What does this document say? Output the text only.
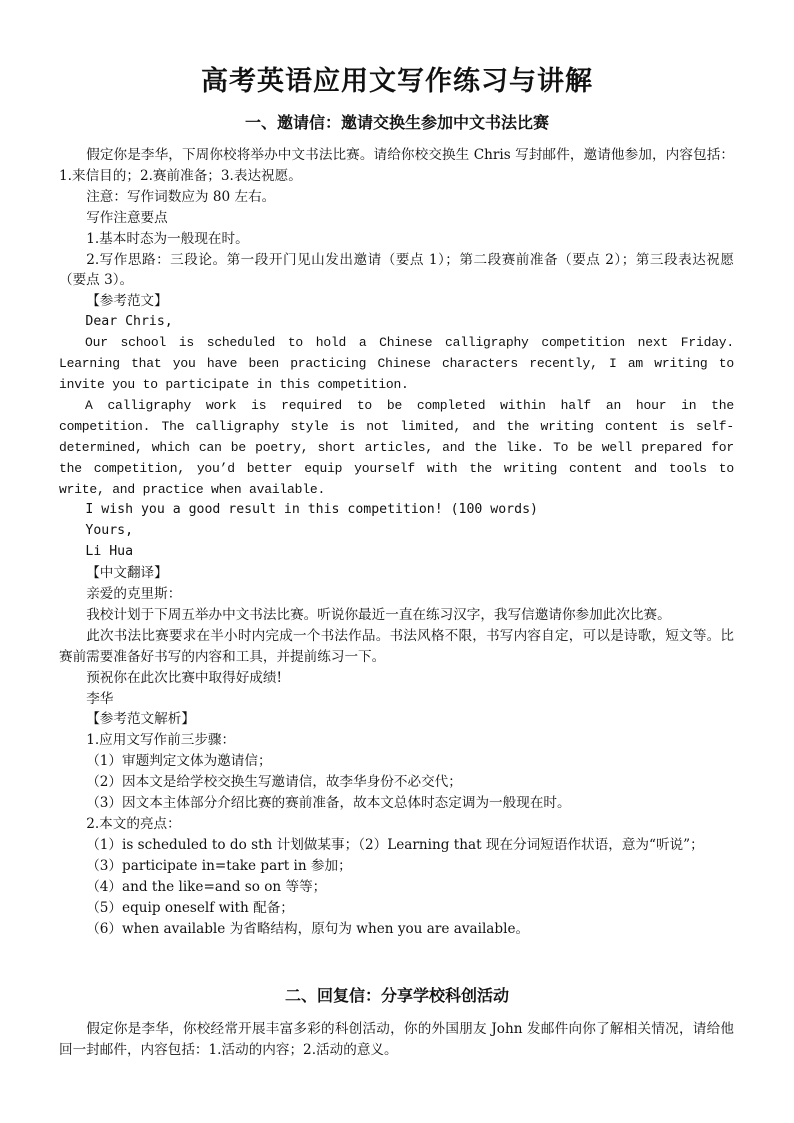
高考英语应用文写作练习与讲解
一、邀请信：邀请交换生参加中文书法比赛

假定你是李华，下周你校将举办中文书法比赛。请给你校交换生 Chris 写封邮件，邀请他参加，内容包括：1.来信目的；2.赛前准备；3.表达祝愿。

注意：写作词数应为 80 左右。

写作注意要点

1.基本时态为一般现在时。

2.写作思路：三段论。第一段开门见山发出邀请（要点 1）；第二段赛前准备（要点 2）；第三段表达祝愿（要点 3）。

【参考范文】

Dear Chris,

Our school is scheduled to hold a Chinese calligraphy competition next Friday. Learning that you have been practicing Chinese characters recently, I am writing to invite you to participate in this competition.

A calligraphy work is required to be completed within half an hour in the competition. The calligraphy style is not limited, and the writing content is self-determined, which can be poetry, short articles, and the like. To be well prepared for the competition, you’d better equip yourself with the writing content and tools to write, and practice when available.

I wish you a good result in this competition! (100 words)

Yours,

Li Hua

【中文翻译】

亲爱的克里斯：

我校计划于下周五举办中文书法比赛。听说你最近一直在练习汉字，我写信邀请你参加此次比赛。

此次书法比赛要求在半小时内完成一个书法作品。书法风格不限，书写内容自定，可以是诗歌，短文等。比赛前需要准备好书写的内容和工具，并提前练习一下。

预祝你在此次比赛中取得好成绩!

李华

【参考范文解析】

1.应用文写作前三步骤：

（1）审题判定文体为邀请信；

（2）因本文是给学校交换生写邀请信，故李华身份不必交代；

（3）因文本主体部分介绍比赛的赛前准备，故本文总体时态定调为一般现在时。

2.本文的亮点：

（1）is scheduled to do sth 计划做某事；（2）Learning that 现在分词短语作状语，意为“听说”；

（3）participate in=take part in 参加；

（4）and the like=and so on 等等；

（5）equip oneself with 配备；

（6）when available 为省略结构，原句为 when you are available。

二、回复信：分享学校科创活动

假定你是李华，你校经常开展丰富多彩的科创活动，你的外国朋友 John 发邮件向你了解相关情况，请给他回一封邮件，内容包括：1.活动的内容；2.活动的意义。
